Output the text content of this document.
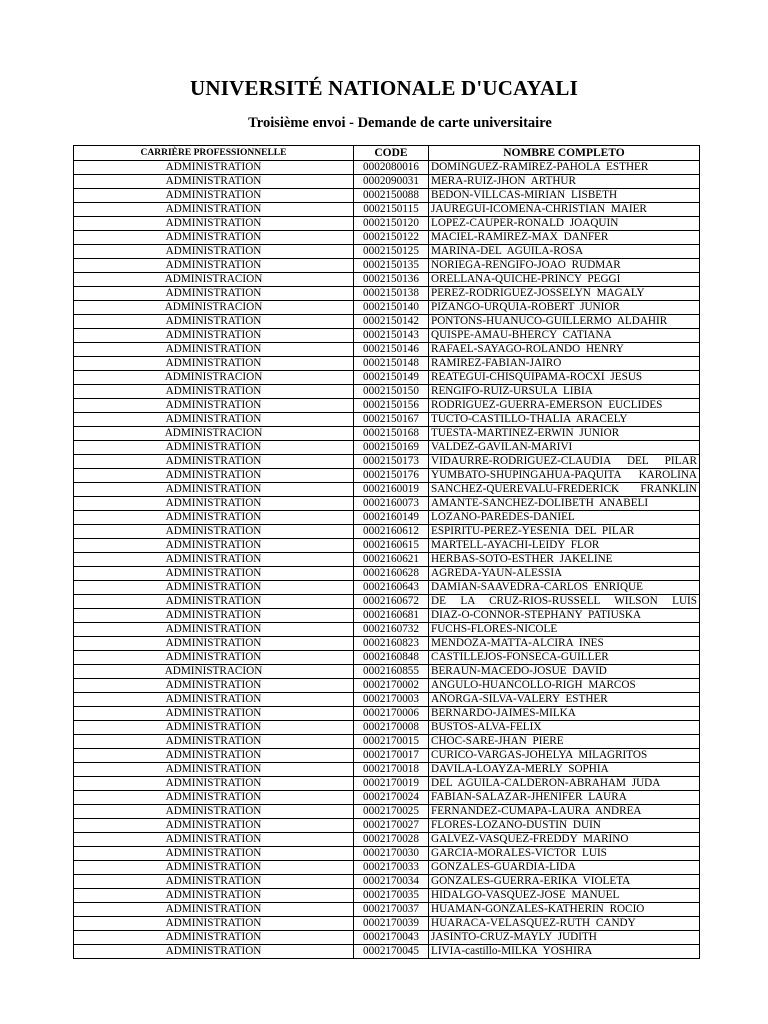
UNIVERSITÉ NATIONALE D'UCAYALI
Troisième envoi - Demande de carte universitaire
CARRIÈRE PROFESSIONNELLE	CODE	NOMBRE COMPLETO
ADMINISTRATION	0002080016	DOMINGUEZ-RAMIREZ-PAHOLA ESTHER
ADMINISTRATION	0002090031	MERA-RUIZ-JHON ARTHUR
ADMINISTRATION	0002150088	BEDON-VILLCAS-MIRIAN LISBETH
ADMINISTRATION	0002150115	JAUREGUI-ICOMENA-CHRISTIAN MAIER
ADMINISTRATION	0002150120	LOPEZ-CAUPER-RONALD JOAQUIN
ADMINISTRATION	0002150122	MACIEL-RAMIREZ-MAX DANFER
ADMINISTRATION	0002150125	MARINA-DEL AGUILA-ROSA
ADMINISTRATION	0002150135	NORIEGA-RENGIFO-JOAO RUDMAR
ADMINISTRACION	0002150136	ORELLANA-QUICHE-PRINCY PEGGI
ADMINISTRATION	0002150138	PEREZ-RODRIGUEZ-JOSSELYN MAGALY
ADMINISTRACION	0002150140	PIZANGO-URQUIA-ROBERT JUNIOR
ADMINISTRATION	0002150142	PONTONS-HUANUCO-GUILLERMO ALDAHIR
ADMINISTRATION	0002150143	QUISPE-AMAU-BHERCY CATIANA
ADMINISTRATION	0002150146	RAFAEL-SAYAGO-ROLANDO HENRY
ADMINISTRATION	0002150148	RAMIREZ-FABIAN-JAIRO
ADMINISTRACION	0002150149	REATEGUI-CHISQUIPAMA-ROCXI JESUS
ADMINISTRATION	0002150150	RENGIFO-RUIZ-URSULA LIBIA
ADMINISTRATION	0002150156	RODRIGUEZ-GUERRA-EMERSON EUCLIDES
ADMINISTRATION	0002150167	TUCTO-CASTILLO-THALIA ARACELY
ADMINISTRACION	0002150168	TUESTA-MARTINEZ-ERWIN JUNIOR
ADMINISTRATION	0002150169	VALDEZ-GAVILAN-MARIVI
ADMINISTRATION	0002150173	VIDAURRE-RODRIGUEZ-CLAUDIA DEL PILAR
ADMINISTRATION	0002150176	YUMBATO-SHUPINGAHUA-PAQUITA KAROLINA
ADMINISTRATION	0002160019	SANCHEZ-QUEREVALU-FREDERICK FRANKLIN
ADMINISTRATION	0002160073	AMANTE-SANCHEZ-DOLIBETH ANABELI
ADMINISTRATION	0002160149	LOZANO-PAREDES-DANIEL
ADMINISTRATION	0002160612	ESPIRITU-PEREZ-YESENIA DEL PILAR
ADMINISTRATION	0002160615	MARTELL-AYACHI-LEIDY FLOR
ADMINISTRATION	0002160621	HERBAS-SOTO-ESTHER JAKELINE
ADMINISTRATION	0002160628	AGREDA-YAUN-ALESSIA
ADMINISTRATION	0002160643	DAMIAN-SAAVEDRA-CARLOS ENRIQUE
ADMINISTRATION	0002160672	DE LA CRUZ-RIOS-RUSSELL WILSON LUIS
ADMINISTRATION	0002160681	DIAZ-O-CONNOR-STEPHANY PATIUSKA
ADMINISTRATION	0002160732	FUCHS-FLORES-NICOLE
ADMINISTRATION	0002160823	MENDOZA-MATTA-ALCIRA INES
ADMINISTRATION	0002160848	CASTILLEJOS-FONSECA-GUILLER
ADMINISTRACION	0002160855	BERAUN-MACEDO-JOSUE DAVID
ADMINISTRATION	0002170002	ANGULO-HUANCOLLO-RIGH MARCOS
ADMINISTRATION	0002170003	AÑORGA-SILVA-VALERY ESTHER
ADMINISTRATION	0002170006	BERNARDO-JAIMES-MILKA
ADMINISTRATION	0002170008	BUSTOS-ALVA-FELIX
ADMINISTRATION	0002170015	CHOC-SARE-JHAN PIERE
ADMINISTRATION	0002170017	CURICO-VARGAS-JOHELYA MILAGRITOS
ADMINISTRATION	0002170018	DAVILA-LOAYZA-MERLY SOPHIA
ADMINISTRATION	0002170019	DEL AGUILA-CALDERON-ABRAHAM JUDA
ADMINISTRATION	0002170024	FABIAN-SALAZAR-JHENIFER LAURA
ADMINISTRATION	0002170025	FERNANDEZ-CUMAPA-LAURA ANDREA
ADMINISTRATION	0002170027	FLORES-LOZANO-DUSTIN DUIN
ADMINISTRATION	0002170028	GALVEZ-VASQUEZ-FREDDY MARINO
ADMINISTRATION	0002170030	GARCIA-MORALES-VICTOR LUIS
ADMINISTRATION	0002170033	GONZALES-GUARDIA-LIDA
ADMINISTRATION	0002170034	GONZALES-GUERRA-ERIKA VIOLETA
ADMINISTRATION	0002170035	HIDALGO-VASQUEZ-JOSE MANUEL
ADMINISTRATION	0002170037	HUAMAN-GONZALES-KATHERIN ROCIO
ADMINISTRATION	0002170039	HUARACA-VELASQUEZ-RUTH CANDY
ADMINISTRATION	0002170043	JASINTO-CRUZ-MAYLY JUDITH
ADMINISTRATION	0002170045	LIVIA-castillo-MILKA YOSHIRA
